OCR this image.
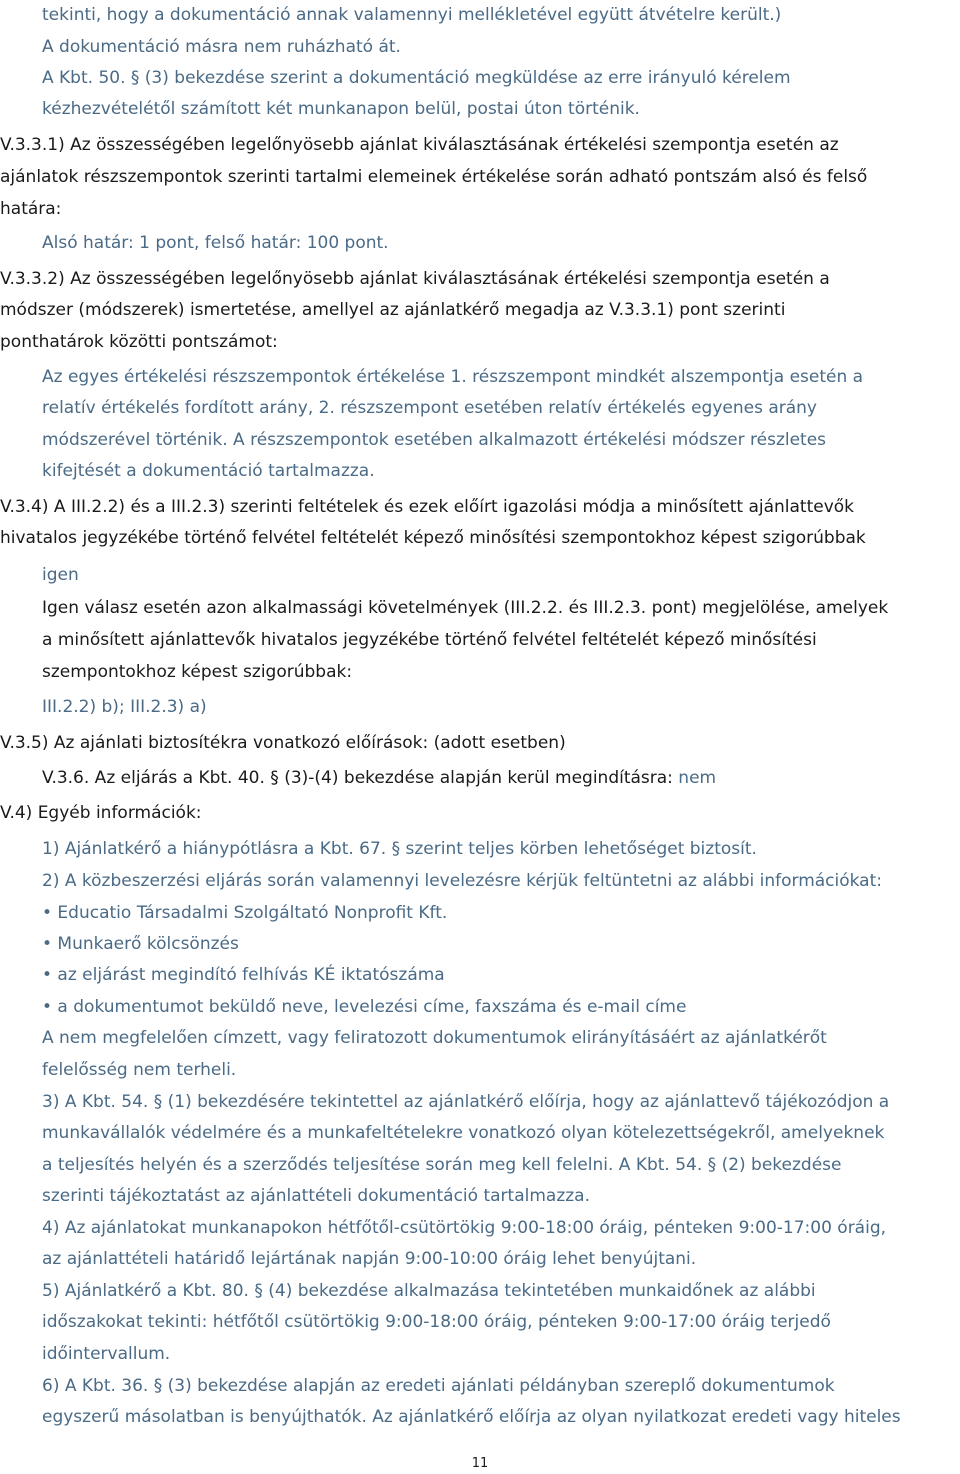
tekinti, hogy a dokumentáció annak valamennyi mellékletével együtt átvételre került.)
A dokumentáció másra nem ruházható át.
A Kbt. 50. § (3) bekezdése szerint a dokumentáció megküldése az erre irányuló kérelem
kézhezvételétől számított két munkanapon belül, postai úton történik.
V.3.3.1) Az összességében legelőnyösebb ajánlat kiválasztásának értékelési szempontja esetén az
ajánlatok részszempontok szerinti tartalmi elemeinek értékelése során adható pontszám alsó és felső
határa:
Alsó határ: 1 pont, felső határ: 100 pont.
V.3.3.2) Az összességében legelőnyösebb ajánlat kiválasztásának értékelési szempontja esetén a
módszer (módszerek) ismertetése, amellyel az ajánlatkérő megadja az V.3.3.1) pont szerinti
ponthatárok közötti pontszámot:
Az egyes értékelési részszempontok értékelése 1. részszempont mindkét alszempontja esetén a
relatív értékelés fordított arány, 2. részszempont esetében relatív értékelés egyenes arány
módszerével történik. A részszempontok esetében alkalmazott értékelési módszer részletes
kifejtését a dokumentáció tartalmazza.
V.3.4) A III.2.2) és a III.2.3) szerinti feltételek és ezek előírt igazolási módja a minősített ajánlattevők
hivatalos jegyzékébe történő felvétel feltételét képező minősítési szempontokhoz képest szigorúbbak
igen
Igen válasz esetén azon alkalmassági követelmények (III.2.2. és III.2.3. pont) megjelölése, amelyek
a minősített ajánlattevők hivatalos jegyzékébe történő felvétel feltételét képező minősítési
szempontokhoz képest szigorúbbak:
III.2.2) b); III.2.3) a)
V.3.5) Az ajánlati biztosítékra vonatkozó előírások: (adott esetben)
V.3.6. Az eljárás a Kbt. 40. § (3)-(4) bekezdése alapján kerül megindításra: nem
V.4) Egyéb információk:
1) Ajánlatkérő a hiánypótlásra a Kbt. 67. § szerint teljes körben lehetőséget biztosít.
2) A közbeszerzési eljárás során valamennyi levelezésre kérjük feltüntetni az alábbi információkat:
• Educatio Társadalmi Szolgáltató Nonprofit Kft.
• Munkaerő kölcsönzés
• az eljárást megindító felhívás KÉ iktatószáma
• a dokumentumot beküldő neve, levelezési címe, faxszáma és e-mail címe
A nem megfelelően címzett, vagy feliratozott dokumentumok elirányításáért az ajánlatkérőt
felelősség nem terheli.
3) A Kbt. 54. § (1) bekezdésére tekintettel az ajánlatkérő előírja, hogy az ajánlattevő tájékozódjon a
munkavállalók védelmére és a munkafeltételekre vonatkozó olyan kötelezettségekről, amelyeknek
a teljesítés helyén és a szerződés teljesítése során meg kell felelni. A Kbt. 54. § (2) bekezdése
szerinti tájékoztatást az ajánlattételi dokumentáció tartalmazza.
4) Az ajánlatokat munkanapokon hétfőtől-csütörtökig 9:00-18:00 óráig, pénteken 9:00-17:00 óráig,
az ajánlattételi határidő lejártának napján 9:00-10:00 óráig lehet benyújtani.
5) Ajánlatkérő a Kbt. 80. § (4) bekezdése alkalmazása tekintetében munkaidőnek az alábbi
időszakokat tekinti: hétfőtől csütörtökig 9:00-18:00 óráig, pénteken 9:00-17:00 óráig terjedő
időintervallum.
6) A Kbt. 36. § (3) bekezdése alapján az eredeti ajánlati példányban szereplő dokumentumok
egyszerű másolatban is benyújthatók. Az ajánlatkérő előírja az olyan nyilatkozat eredeti vagy hiteles
11
